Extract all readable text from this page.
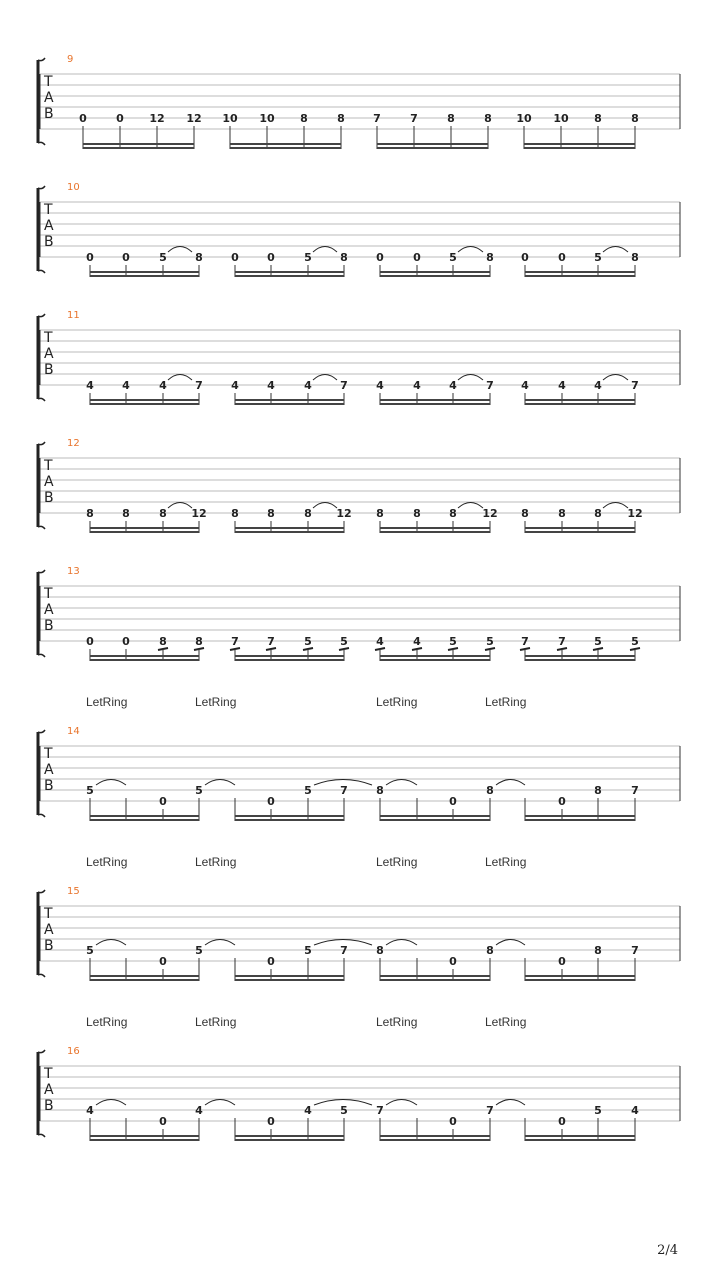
9
T
A
B 0	0 12 12 10 10 8	8	7	7	8	8 10 10 8	8
10
T
A
B
0	0	5	8	0	0	5	8	0	0	5	8 0	0	5	8
11
T
A
B
4	4	4	7	4	4	4	7	4	4	4	7 4	4	4	7
12
T
A
B
8	8	8 12 8	8	8 12 8	8	8 12 8	8	8 12
13
T
A
B
0	0	8	8	7	7	5	5	4	4	5	5 7	7	5	5
14
T
A
B	5
0
5
0
5	7	8
0
8
0
8	7
LetRing	LetRing	LetRing	LetRing
15
T
A
B	5
0
5
0
5	7	8
0
8
0
8	7
LetRing	LetRing	LetRing	LetRing
16
T
A
B	4
0
4
0
4	5	7
0
7
0
5	4
LetRing	LetRing	LetRing	LetRing
2/4
